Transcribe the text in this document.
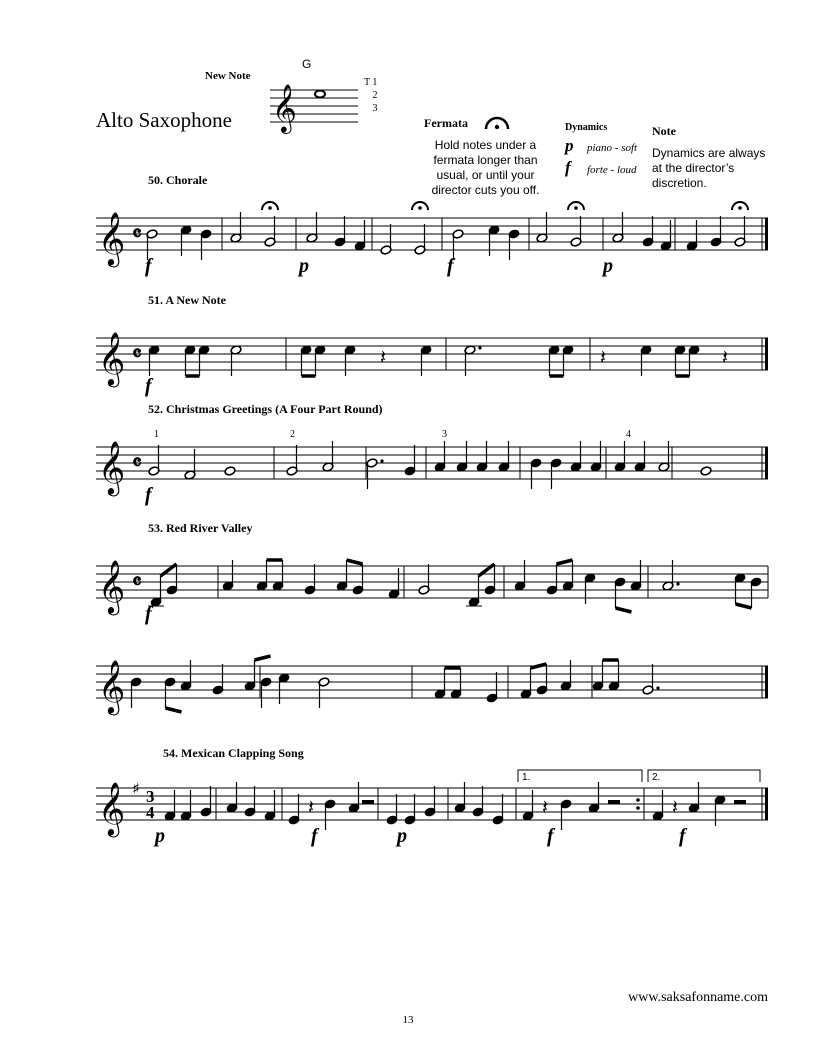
New Note
G
T 1
2
3
Alto Saxophone 𝄞	Fermata
Hold notes under a fermata longer than usual, or until your director cuts you off.
Dynamics
p piano - soft
f forte - loud
Note
Dynamics are always at the director’s discretion.
50. Chorale
51. A New Note
52. Christmas Greetings (A Four Part Round)
53. Red River Valley
54. Mexican Clapping Song
𝄞 𝄴
f	p	f	p
𝄞 𝄴	𝄽	𝄽	𝄽
f
𝄞 𝄴
1	2	3	4
f
𝄞 𝄴
f
𝄞
𝄞 ♯ 3
4	𝄽	𝄽	𝄽
1.	2.
p	f	p	f	f
www.saksafonname.com
13
